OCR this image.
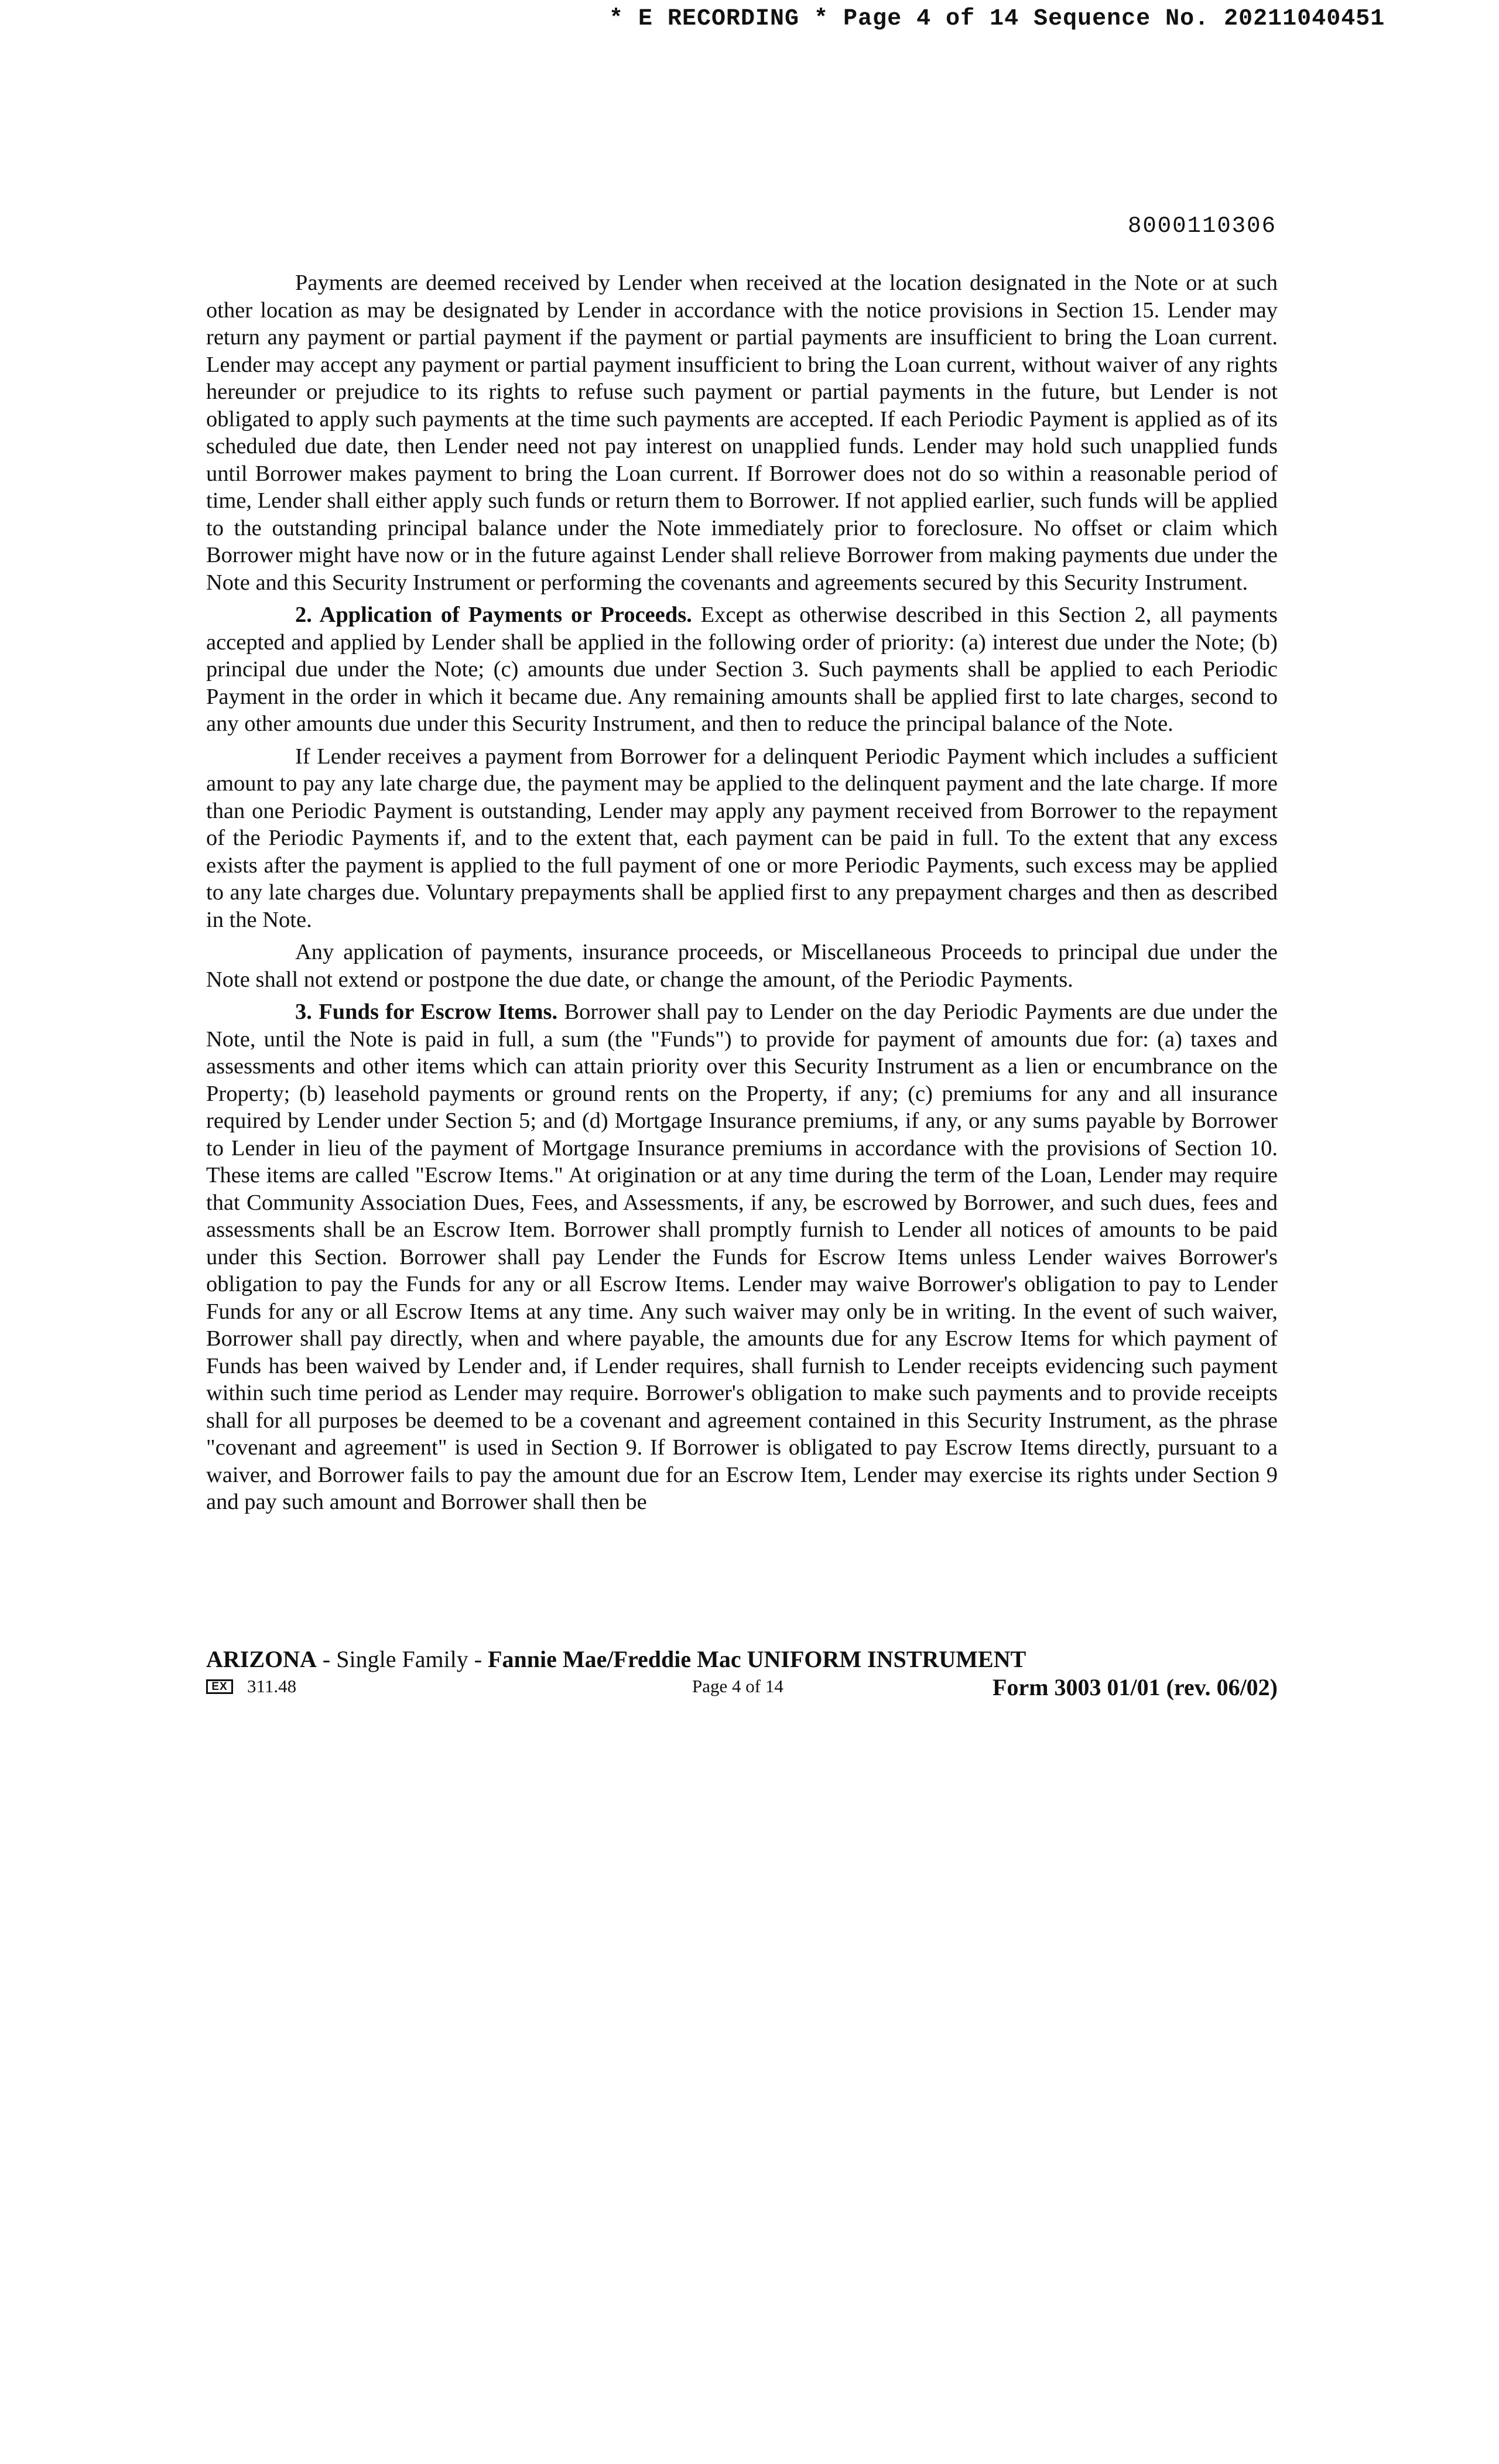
* E RECORDING * Page 4 of 14 Sequence No. 20211040451
8000110306

Payments are deemed received by Lender when received at the location designated in the Note or at such other location as may be designated by Lender in accordance with the notice provisions in Section 15. Lender may return any payment or partial payment if the payment or partial payments are insufficient to bring the Loan current. Lender may accept any payment or partial payment insufficient to bring the Loan current, without waiver of any rights hereunder or prejudice to its rights to refuse such payment or partial payments in the future, but Lender is not obligated to apply such payments at the time such payments are accepted. If each Periodic Payment is applied as of its scheduled due date, then Lender need not pay interest on unapplied funds. Lender may hold such unapplied funds until Borrower makes payment to bring the Loan current. If Borrower does not do so within a reasonable period of time, Lender shall either apply such funds or return them to Borrower. If not applied earlier, such funds will be applied to the outstanding principal balance under the Note immediately prior to foreclosure. No offset or claim which Borrower might have now or in the future against Lender shall relieve Borrower from making payments due under the Note and this Security Instrument or performing the covenants and agreements secured by this Security Instrument.

2. Application of Payments or Proceeds. Except as otherwise described in this Section 2, all payments accepted and applied by Lender shall be applied in the following order of priority: (a) interest due under the Note; (b) principal due under the Note; (c) amounts due under Section 3. Such payments shall be applied to each Periodic Payment in the order in which it became due. Any remaining amounts shall be applied first to late charges, second to any other amounts due under this Security Instrument, and then to reduce the principal balance of the Note.

If Lender receives a payment from Borrower for a delinquent Periodic Payment which includes a sufficient amount to pay any late charge due, the payment may be applied to the delinquent payment and the late charge. If more than one Periodic Payment is outstanding, Lender may apply any payment received from Borrower to the repayment of the Periodic Payments if, and to the extent that, each payment can be paid in full. To the extent that any excess exists after the payment is applied to the full payment of one or more Periodic Payments, such excess may be applied to any late charges due. Voluntary prepayments shall be applied first to any prepayment charges and then as described in the Note.

Any application of payments, insurance proceeds, or Miscellaneous Proceeds to principal due under the Note shall not extend or postpone the due date, or change the amount, of the Periodic Payments.

3. Funds for Escrow Items. Borrower shall pay to Lender on the day Periodic Payments are due under the Note, until the Note is paid in full, a sum (the "Funds") to provide for payment of amounts due for: (a) taxes and assessments and other items which can attain priority over this Security Instrument as a lien or encumbrance on the Property; (b) leasehold payments or ground rents on the Property, if any; (c) premiums for any and all insurance required by Lender under Section 5; and (d) Mortgage Insurance premiums, if any, or any sums payable by Borrower to Lender in lieu of the payment of Mortgage Insurance premiums in accordance with the provisions of Section 10. These items are called "Escrow Items." At origination or at any time during the term of the Loan, Lender may require that Community Association Dues, Fees, and Assessments, if any, be escrowed by Borrower, and such dues, fees and assessments shall be an Escrow Item. Borrower shall promptly furnish to Lender all notices of amounts to be paid under this Section. Borrower shall pay Lender the Funds for Escrow Items unless Lender waives Borrower's obligation to pay the Funds for any or all Escrow Items. Lender may waive Borrower's obligation to pay to Lender Funds for any or all Escrow Items at any time. Any such waiver may only be in writing. In the event of such waiver, Borrower shall pay directly, when and where payable, the amounts due for any Escrow Items for which payment of Funds has been waived by Lender and, if Lender requires, shall furnish to Lender receipts evidencing such payment within such time period as Lender may require. Borrower's obligation to make such payments and to provide receipts shall for all purposes be deemed to be a covenant and agreement contained in this Security Instrument, as the phrase "covenant and agreement" is used in Section 9. If Borrower is obligated to pay Escrow Items directly, pursuant to a waiver, and Borrower fails to pay the amount due for an Escrow Item, Lender may exercise its rights under Section 9 and pay such amount and Borrower shall then be

ARIZONA - Single Family - Fannie Mae/Freddie Mac UNIFORM INSTRUMENT
EX	311.48	Page 4 of 14	Form 3003 01/01 (rev. 06/02)
